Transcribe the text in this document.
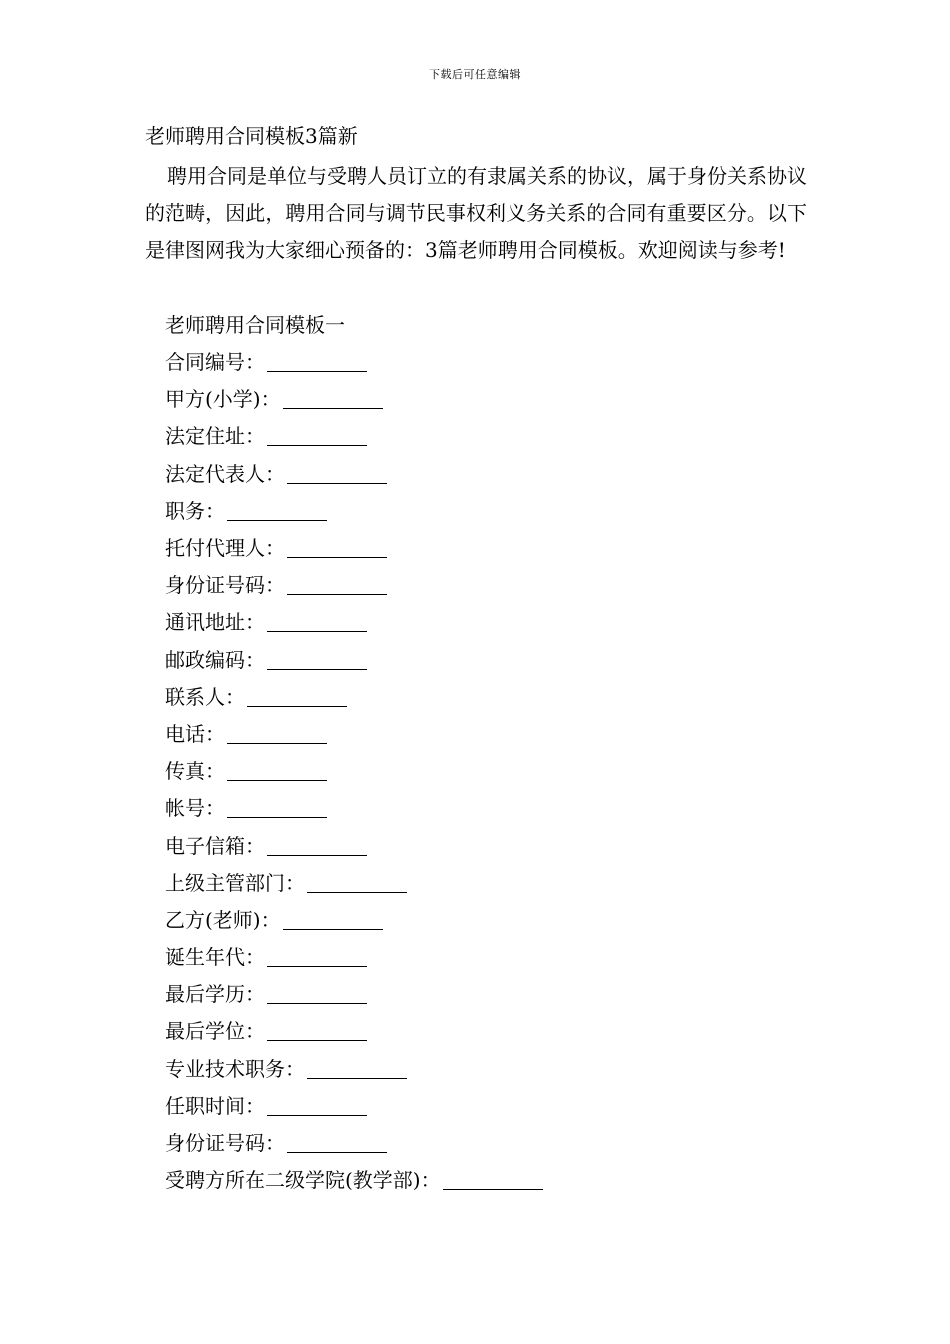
下载后可任意编辑
老师聘用合同模板3篇新

聘用合同是单位与受聘人员订立的有隶属关系的协议，属于身份关系协议的范畴，因此，聘用合同与调节民事权利义务关系的合同有重要区分。以下是律图网我为大家细心预备的：3篇老师聘用合同模板。欢迎阅读与参考!

老师聘用合同模板一
合同编号：
甲方(小学)：
法定住址：
法定代表人：
职务：
托付代理人：
身份证号码：
通讯地址：
邮政编码：
联系人：
电话：
传真：
帐号：
电子信箱：
上级主管部门：
乙方(老师)：
诞生年代：
最后学历：
最后学位：
专业技术职务：
任职时间：
身份证号码：
受聘方所在二级学院(教学部)：
